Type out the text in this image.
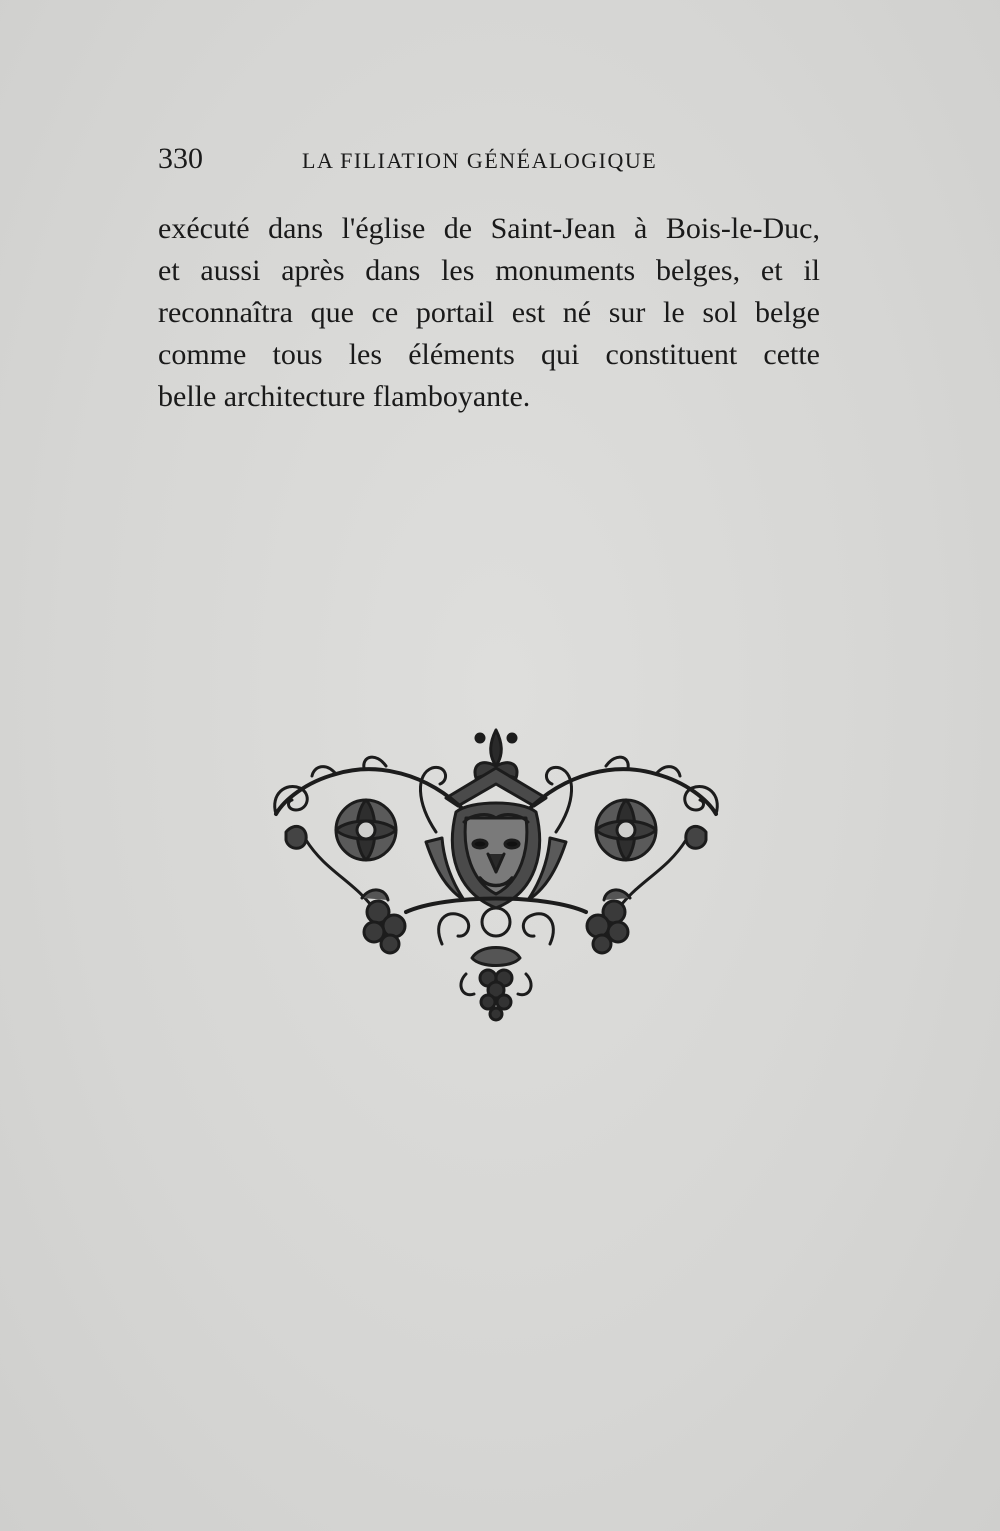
330	LA FILIATION GÉNÉALOGIQUE
exécuté dans l'église de Saint-Jean à Bois-le-Duc,
et aussi après dans les monuments belges, et il
reconnaîtra que ce portail est né sur le sol belge
comme tous les éléments qui constituent cette
belle architecture flamboyante.
